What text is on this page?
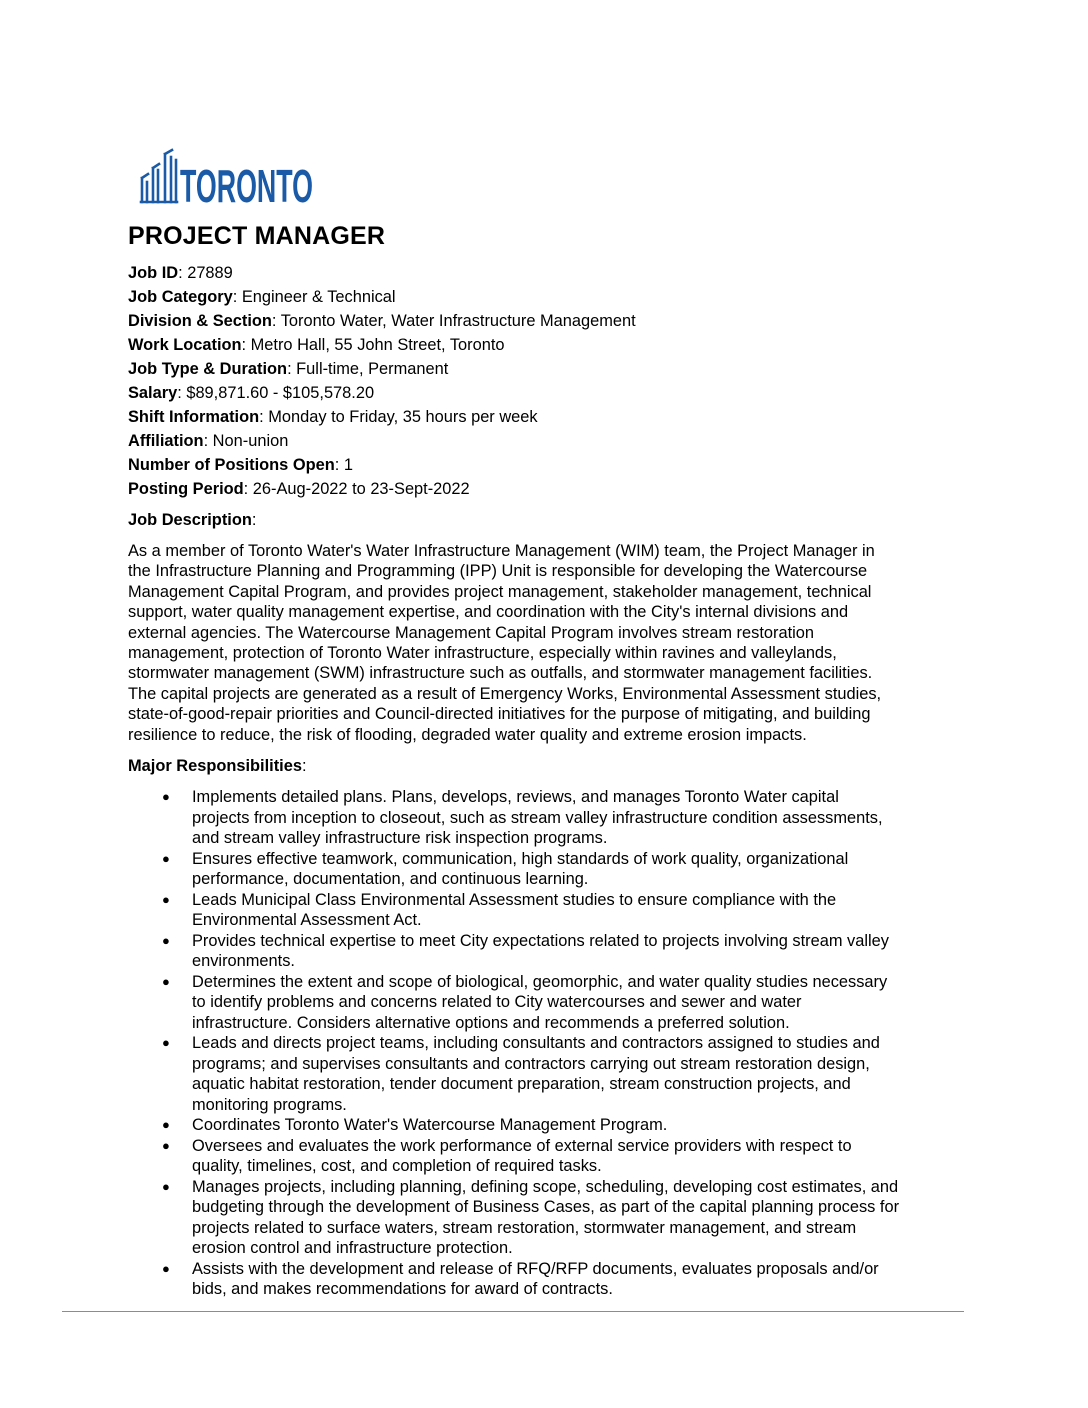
TORONTO
PROJECT MANAGER
Job ID: 27889
Job Category: Engineer & Technical
Division & Section: Toronto Water, Water Infrastructure Management
Work Location: Metro Hall, 55 John Street, Toronto
Job Type & Duration: Full-time, Permanent
Salary: $89,871.60 - $105,578.20
Shift Information: Monday to Friday, 35 hours per week
Affiliation: Non-union
Number of Positions Open: 1
Posting Period: 26-Aug-2022 to 23-Sept-2022
Job Description:
As a member of Toronto Water's Water Infrastructure Management (WIM) team, the Project Manager in
the Infrastructure Planning and Programming (IPP) Unit is responsible for developing the Watercourse
Management Capital Program, and provides project management, stakeholder management, technical
support, water quality management expertise, and coordination with the City's internal divisions and
external agencies. The Watercourse Management Capital Program involves stream restoration
management, protection of Toronto Water infrastructure, especially within ravines and valleylands,
stormwater management (SWM) infrastructure such as outfalls, and stormwater management facilities.
The capital projects are generated as a result of Emergency Works, Environmental Assessment studies,
state-of-good-repair priorities and Council-directed initiatives for the purpose of mitigating, and building
resilience to reduce, the risk of flooding, degraded water quality and extreme erosion impacts.
Major Responsibilities:
● Implements detailed plans. Plans, develops, reviews, and manages Toronto Water capital
projects from inception to closeout, such as stream valley infrastructure condition assessments,
and stream valley infrastructure risk inspection programs.
● Ensures effective teamwork, communication, high standards of work quality, organizational
performance, documentation, and continuous learning.
● Leads Municipal Class Environmental Assessment studies to ensure compliance with the
Environmental Assessment Act.
● Provides technical expertise to meet City expectations related to projects involving stream valley
environments.
● Determines the extent and scope of biological, geomorphic, and water quality studies necessary
to identify problems and concerns related to City watercourses and sewer and water
infrastructure. Considers alternative options and recommends a preferred solution.
● Leads and directs project teams, including consultants and contractors assigned to studies and
programs; and supervises consultants and contractors carrying out stream restoration design,
aquatic habitat restoration, tender document preparation, stream construction projects, and
monitoring programs.
● Coordinates Toronto Water's Watercourse Management Program.
● Oversees and evaluates the work performance of external service providers with respect to
quality, timelines, cost, and completion of required tasks.
● Manages projects, including planning, defining scope, scheduling, developing cost estimates, and
budgeting through the development of Business Cases, as part of the capital planning process for
projects related to surface waters, stream restoration, stormwater management, and stream
erosion control and infrastructure protection.
● Assists with the development and release of RFQ/RFP documents, evaluates proposals and/or
bids, and makes recommendations for award of contracts.
